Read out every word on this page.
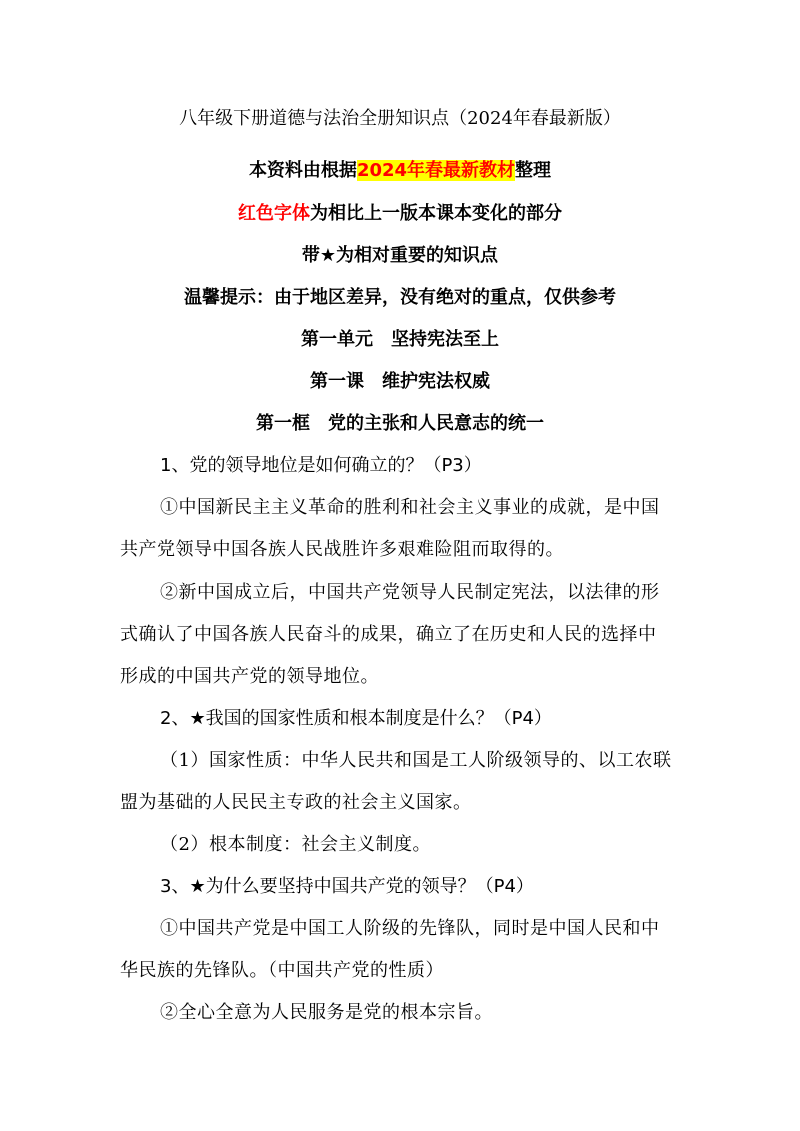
八年级下册道德与法治全册知识点（2024年春最新版）
本资料由根据2024年春最新教材整理
红色字体为相比上一版本课本变化的部分
带★为相对重要的知识点
温馨提示：由于地区差异，没有绝对的重点，仅供参考
第一单元　坚持宪法至上
第一课　维护宪法权威
第一框　党的主张和人民意志的统一
1、党的领导地位是如何确立的？（P3）
①中国新民主主义革命的胜利和社会主义事业的成就，是中国
共产党领导中国各族人民战胜许多艰难险阻而取得的。
②新中国成立后，中国共产党领导人民制定宪法，以法律的形
式确认了中国各族人民奋斗的成果，确立了在历史和人民的选择中
形成的中国共产党的领导地位。
2、★我国的国家性质和根本制度是什么？（P4）
（1）国家性质：中华人民共和国是工人阶级领导的、以工农联
盟为基础的人民民主专政的社会主义国家。
（2）根本制度：社会主义制度。
3、★为什么要坚持中国共产党的领导？（P4）
①中国共产党是中国工人阶级的先锋队，同时是中国人民和中
华民族的先锋队。（中国共产党的性质）
②全心全意为人民服务是党的根本宗旨。
